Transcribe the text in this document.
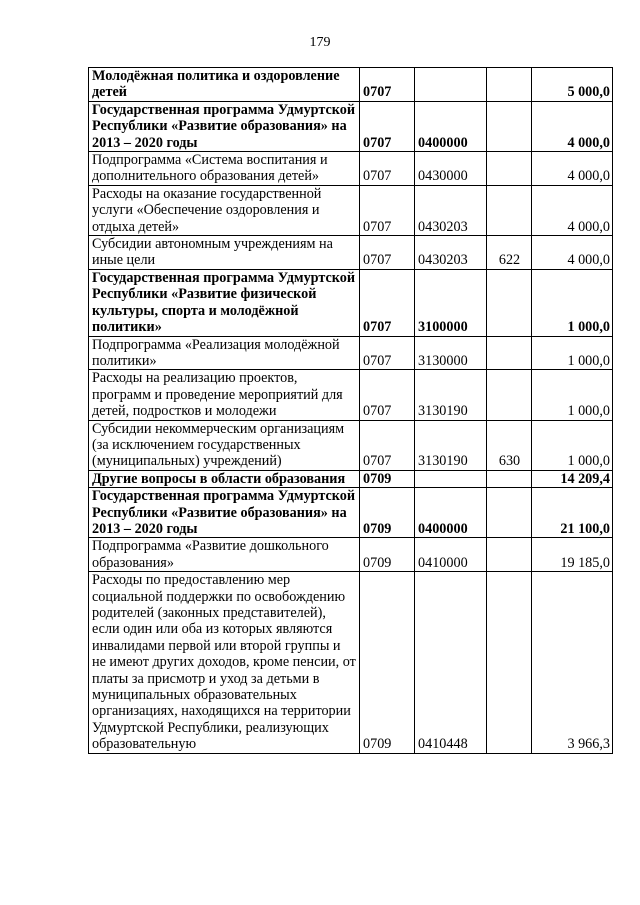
179
Молодёжная политика и оздоровление детей	0707			5 000,0
Государственная программа Удмуртской Республики «Развитие образования» на 2013 – 2020 годы	0707	0400000		4 000,0
Подпрограмма «Система воспитания и дополнительного образования детей»	0707	0430000		4 000,0
Расходы на оказание государственной услуги «Обеспечение оздоровления и отдыха детей»	0707	0430203		4 000,0
Субсидии автономным учреждениям на иные цели	0707	0430203	622	4 000,0
Государственная программа Удмуртской Республики «Развитие физической культуры, спорта и молодёжной политики»	0707	3100000		1 000,0
Подпрограмма «Реализация молодёжной политики»	0707	3130000		1 000,0
Расходы на реализацию проектов, программ и проведение мероприятий для детей, подростков и молодежи	0707	3130190		1 000,0
Субсидии некоммерческим организациям (за исключением государственных (муниципальных) учреждений)	0707	3130190	630	1 000,0
Другие вопросы в области образования	0709			14 209,4
Государственная программа Удмуртской Республики «Развитие образования» на 2013 – 2020 годы	0709	0400000		21 100,0
Подпрограмма «Развитие дошкольного образования»	0709	0410000		19 185,0
Расходы по предоставлению мер социальной поддержки по освобождению родителей (законных представителей), если один или оба из которых являются инвалидами первой или второй группы и не имеют других доходов, кроме пенсии, от платы за присмотр и уход за детьми в муниципальных образовательных организациях, находящихся на территории Удмуртской Республики, реализующих образовательную	0709	0410448		3 966,3
